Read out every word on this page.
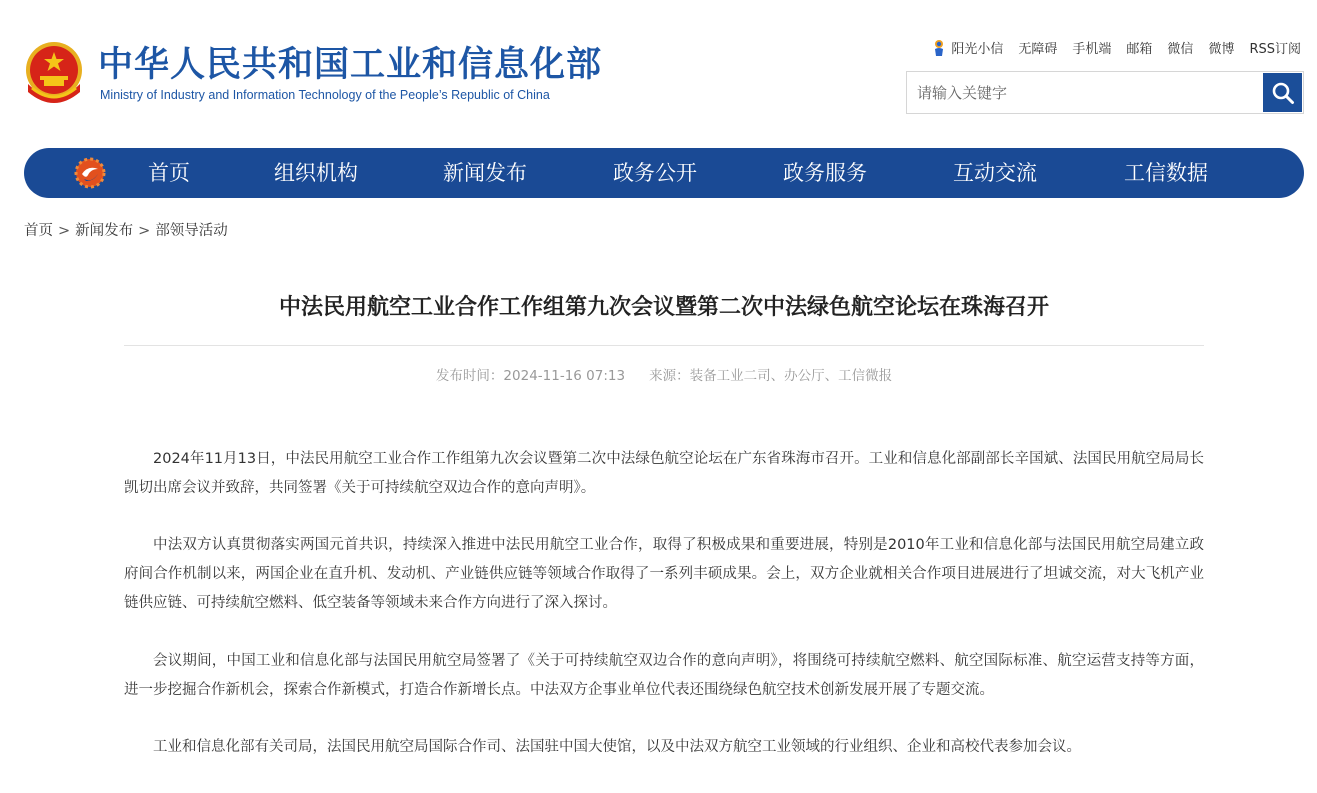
中华人民共和国工业和信息化部
Ministry of Industry and Information Technology of the People’s Republic of China
阳光小信 无障碍 手机端 邮箱 微信 微博 RSS订阅
请输入关键字
首页	组织机构	新闻发布	政务公开	政务服务	互动交流	工信数据
首页 > 新闻发布 > 部领导活动
中法民用航空工业合作工作组第九次会议暨第二次中法绿色航空论坛在珠海召开
发布时间：2024-11-16 07:13 来源：装备工业二司、办公厅、工信微报
2024年11月13日，中法民用航空工业合作工作组第九次会议暨第二次中法绿色航空论坛在广东省珠海市召开。工业和信息化部副部长辛国斌、法国民用航空局局长凯切出席会议并致辞，共同签署《关于可持续航空双边合作的意向声明》。
中法双方认真贯彻落实两国元首共识，持续深入推进中法民用航空工业合作，取得了积极成果和重要进展，特别是2010年工业和信息化部与法国民用航空局建立政府间合作机制以来，两国企业在直升机、发动机、产业链供应链等领域合作取得了一系列丰硕成果。会上，双方企业就相关合作项目进展进行了坦诚交流，对大飞机产业链供应链、可持续航空燃料、低空装备等领域未来合作方向进行了深入探讨。
会议期间，中国工业和信息化部与法国民用航空局签署了《关于可持续航空双边合作的意向声明》，将围绕可持续航空燃料、航空国际标准、航空运营支持等方面，进一步挖掘合作新机会，探索合作新模式，打造合作新增长点。中法双方企事业单位代表还围绕绿色航空技术创新发展开展了专题交流。
工业和信息化部有关司局，法国民用航空局国际合作司、法国驻中国大使馆，以及中法双方航空工业领域的行业组织、企业和高校代表参加会议。
